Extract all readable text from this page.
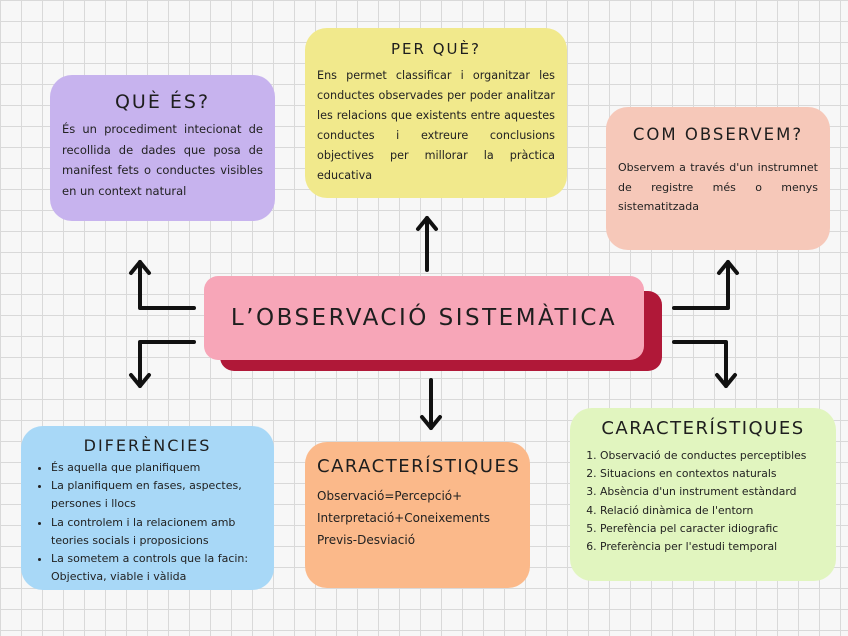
L’OBSERVACIÓ SISTEMÀTICA
QUÈ ÉS?

És un procediment intecionat de recollida de dades que posa de manifest fets o conductes visibles en un context natural

PER QUÈ?

Ens permet classificar i organitzar les conductes observades per poder analitzar les relacions que existents entre aquestes conductes i extreure conclusions objectives per millorar la pràctica educativa

COM OBSERVEM?

Observem a través d'un instrumnet de registre més o menys sistematitzada

DIFERÈNCIES
• És aquella que planifiquem
• La planifiquem en fases, aspectes, persones i llocs
• La controlem i la relacionem amb teories socials i proposicions
• La sometem a controls que la facin: Objectiva, viable i vàlida
CARACTERÍSTIQUES

Observació=Percepció+ Interpretació+Coneixements Previs-Desviació

CARACTERÍSTIQUES
1. Observació de conductes perceptibles
2. Situacions en contextos naturals
3. Absència d'un instrument estàndard
4. Relació dinàmica de l'entorn
5. Perefència pel caracter idiografic
6. Preferència per l'estudi temporal
